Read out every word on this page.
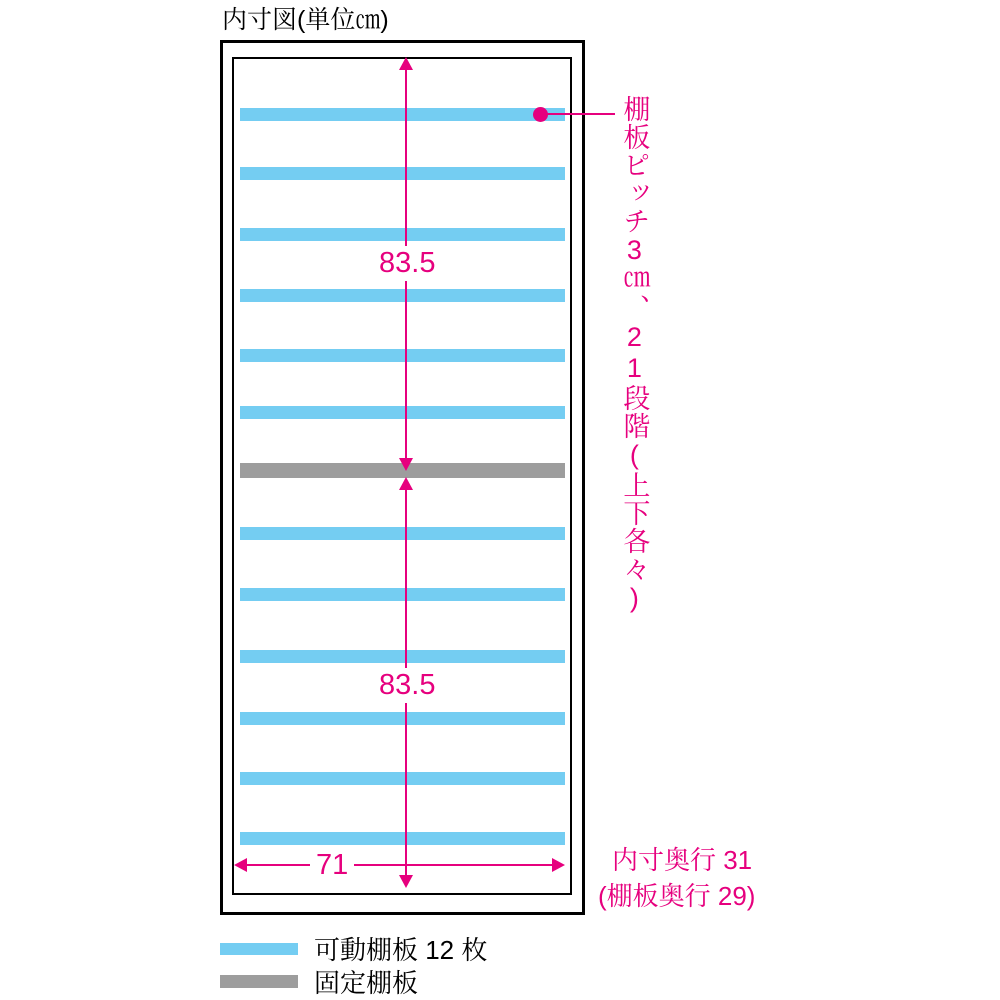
内寸図(単位㎝)
83.5
83.5
71
棚板ピッチ3㎝、21段階(上下各々)
内寸奥行 31
(棚板奥行 29)
可動棚板 12 枚
固定棚板
